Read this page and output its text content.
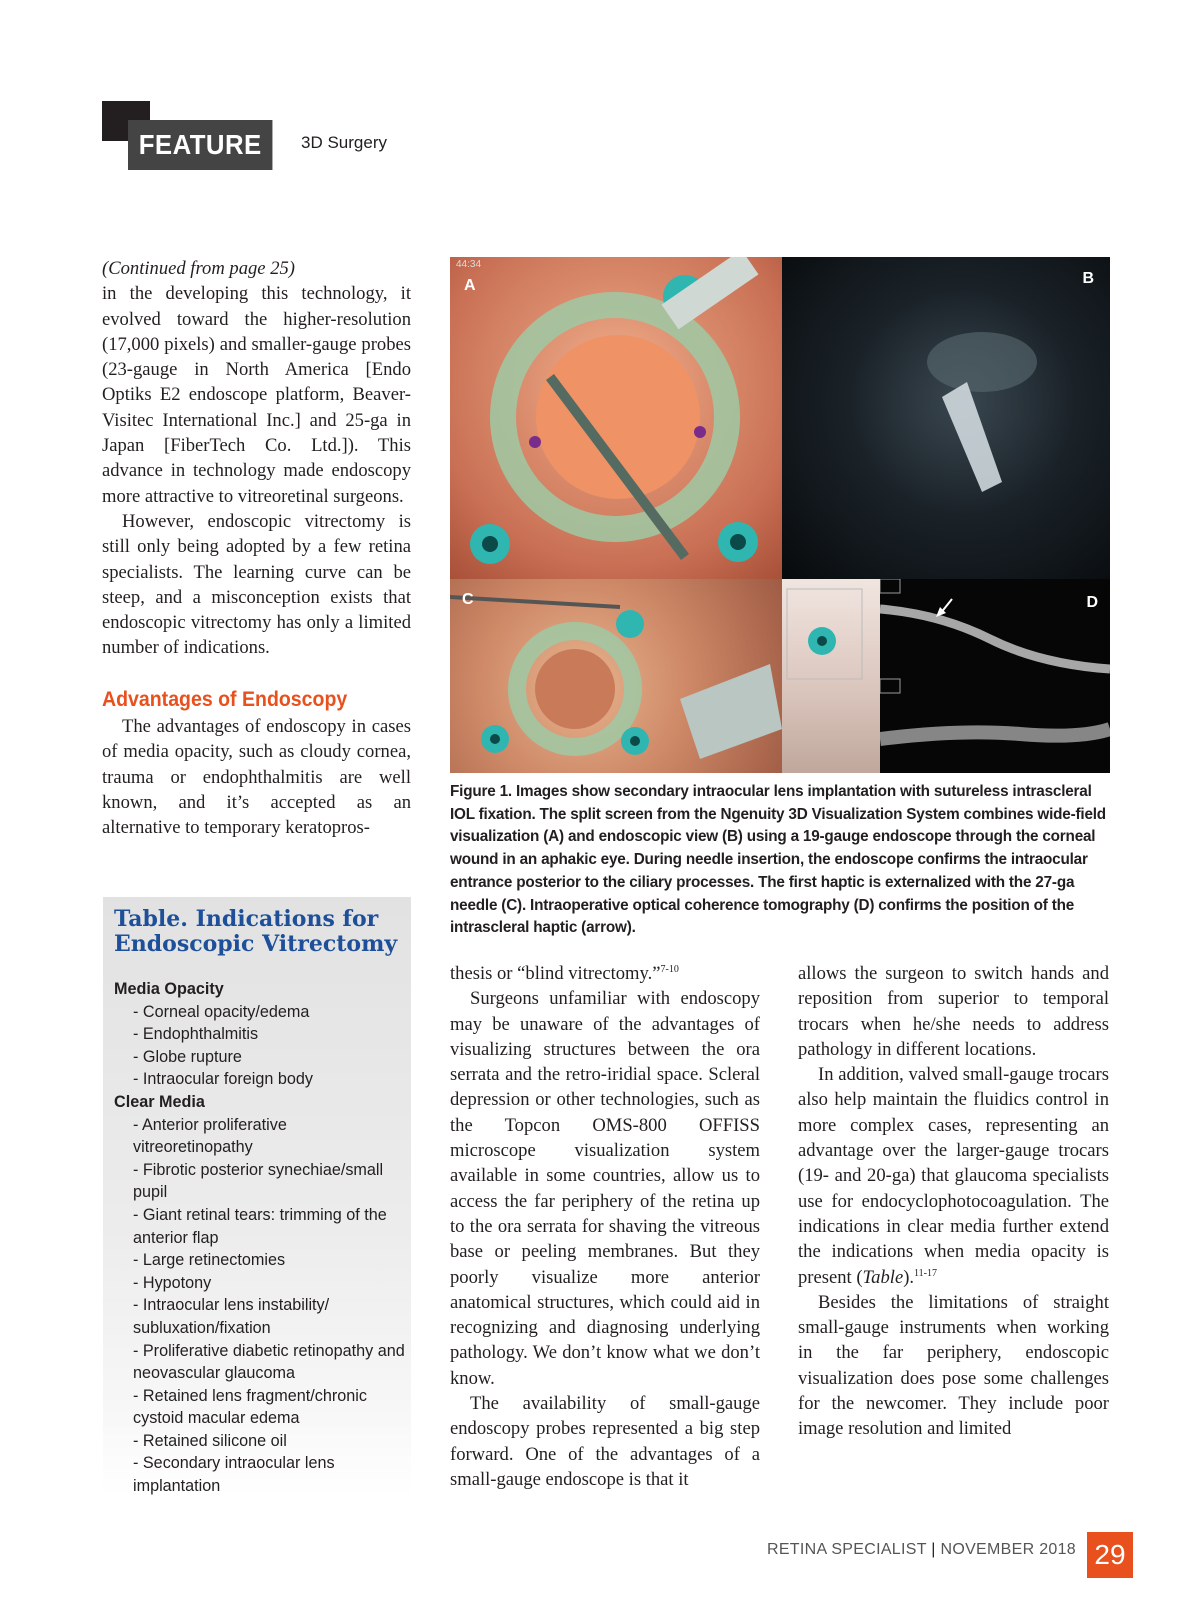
FEATURE	3D Surgery

(Continued from page 25)
in the developing this technology, it evolved toward the higher-resolution (17,000 pixels) and smaller-gauge probes (23-gauge in North America [Endo Optiks E2 endoscope platform, Beaver-Visitec International Inc.] and 25-ga in Japan [FiberTech Co. Ltd.]). This advance in technology made endoscopy more attractive to vitreoretinal surgeons.

However, endoscopic vitrectomy is still only being adopted by a few retina specialists. The learning curve can be steep, and a misconception exists that endoscopic vitrectomy has only a limited number of indications.

Advantages of Endoscopy

The advantages of endoscopy in cases of media opacity, such as cloudy cornea, trauma or endophthalmitis are well known, and it’s accepted as an alternative to temporary keratopros-

Table. Indications for Endoscopic Vitrectomy
Media Opacity
- Corneal opacity/edema
- Endophthalmitis
- Globe rupture
- Intraocular foreign body
Clear Media
- Anterior proliferative vitreoretinopathy
- Fibrotic posterior synechiae/small pupil
- Giant retinal tears: trimming of the anterior flap
- Large retinectomies
- Hypotony
- Intraocular lens instability/ subluxation/fixation
- Proliferative diabetic retinopathy and neovascular glaucoma
- Retained lens fragment/chronic cystoid macular edema
- Retained silicone oil
- Secondary intraocular lens implantation
44:34
A	B
C	D
Figure 1. Images show secondary intraocular lens implantation with sutureless intrascleral IOL fixation. The split screen from the Ngenuity 3D Visualization System combines wide-field visualization (A) and endoscopic view (B) using a 19-gauge endoscope through the corneal wound in an aphakic eye. During needle insertion, the endoscope confirms the intraocular entrance posterior to the ciliary processes. The first haptic is externalized with the 27-ga needle (C). Intraoperative optical coherence tomography (D) confirms the position of the intrascleral haptic (arrow).

thesis or “blind vitrectomy.”$^{7-10}$

Surgeons unfamiliar with endoscopy may be unaware of the advantages of visualizing structures between the ora serrata and the retro-iridial space. Scleral depression or other technologies, such as the Topcon OMS-800 OFFISS microscope visualization system available in some countries, allow us to access the far periphery of the retina up to the ora serrata for shaving the vitreous base or peeling membranes. But they poorly visualize more anterior anatomical structures, which could aid in recognizing and diagnosing underlying pathology. We don’t know what we don’t know.

The availability of small-gauge endoscopy probes represented a big step forward. One of the advantages of a small-gauge endoscope is that it

allows the surgeon to switch hands and reposition from superior to temporal trocars when he/she needs to address pathology in different locations.

In addition, valved small-gauge trocars also help maintain the fluidics control in more complex cases, representing an advantage over the larger-gauge trocars (19- and 20-ga) that glaucoma specialists use for endocyclophotocoagulation. The indications in clear media further extend the indications when media opacity is present (Table).$^{11-17}$

Besides the limitations of straight small-gauge instruments when working in the far periphery, endoscopic visualization does pose some challenges for the newcomer. They include poor image resolution and limited

RETINA SPECIALIST | NOVEMBER 2018 29
